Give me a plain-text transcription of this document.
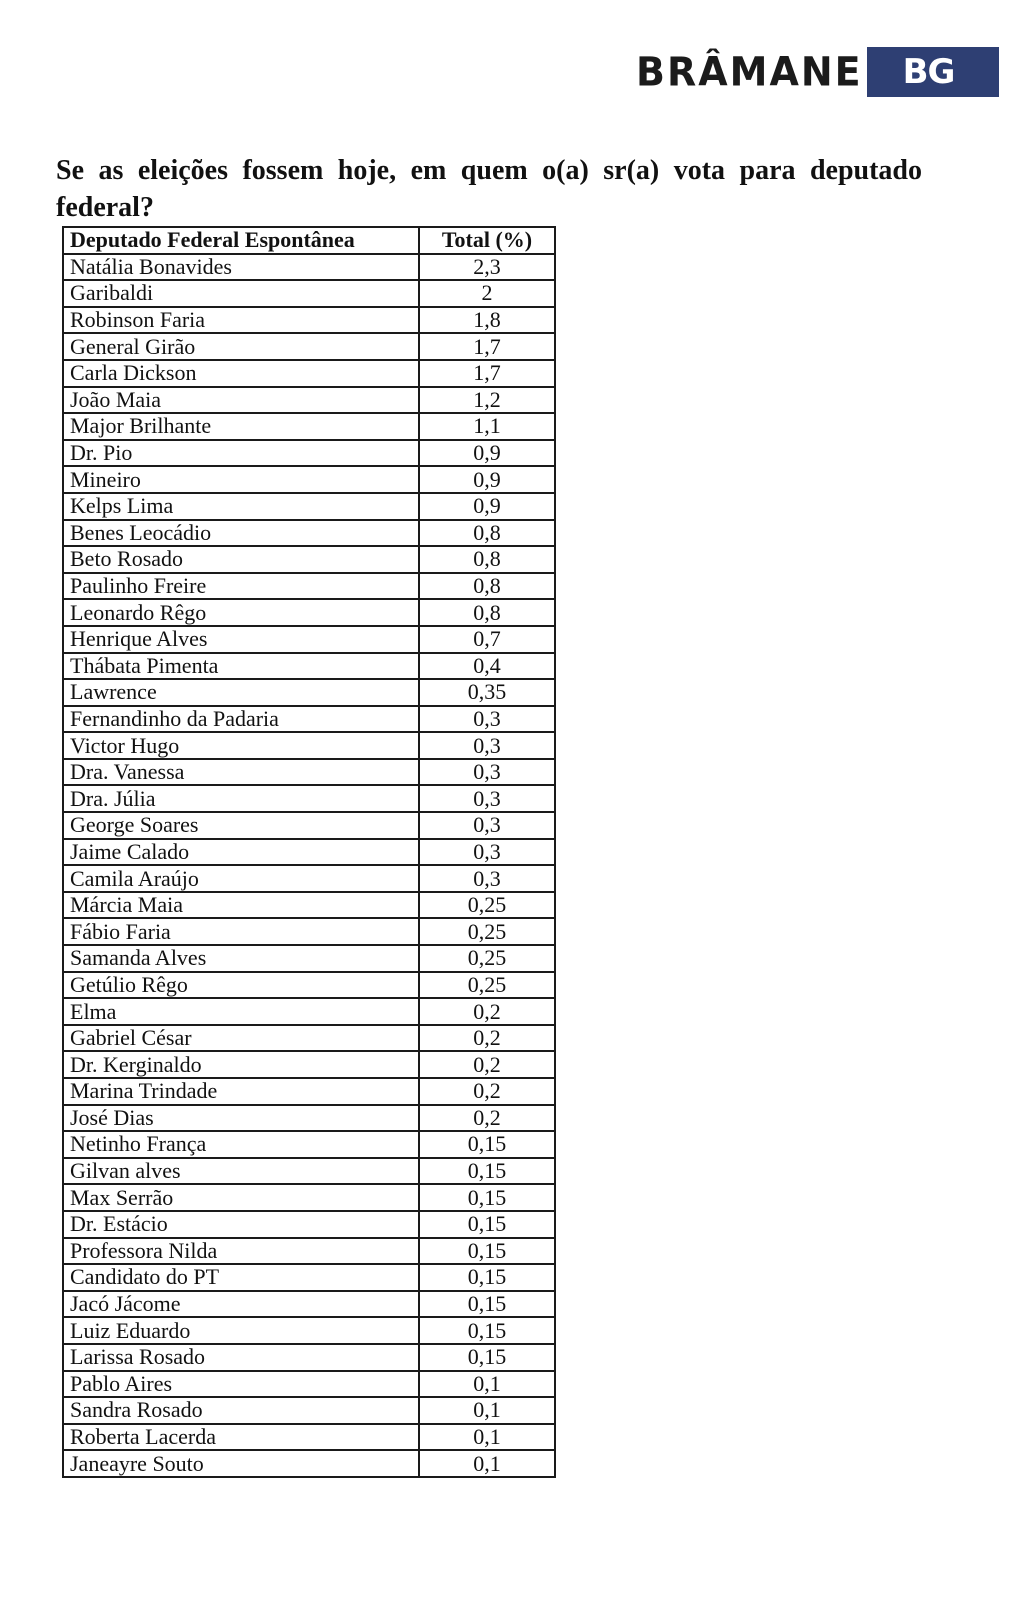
BRÂMANE BG
Se as eleições fossem hoje, em quem o(a) sr(a) vota para deputado federal?
Deputado Federal Espontânea	Total (%)
Natália Bonavides	2,3
Garibaldi	2
Robinson Faria	1,8
General Girão	1,7
Carla Dickson	1,7
João Maia	1,2
Major Brilhante	1,1
Dr. Pio	0,9
Mineiro	0,9
Kelps Lima	0,9
Benes Leocádio	0,8
Beto Rosado	0,8
Paulinho Freire	0,8
Leonardo Rêgo	0,8
Henrique Alves	0,7
Thábata Pimenta	0,4
Lawrence	0,35
Fernandinho da Padaria	0,3
Victor Hugo	0,3
Dra. Vanessa	0,3
Dra. Júlia	0,3
George Soares	0,3
Jaime Calado	0,3
Camila Araújo	0,3
Márcia Maia	0,25
Fábio Faria	0,25
Samanda Alves	0,25
Getúlio Rêgo	0,25
Elma	0,2
Gabriel César	0,2
Dr. Kerginaldo	0,2
Marina Trindade	0,2
José Dias	0,2
Netinho França	0,15
Gilvan alves	0,15
Max Serrão	0,15
Dr. Estácio	0,15
Professora Nilda	0,15
Candidato do PT	0,15
Jacó Jácome	0,15
Luiz Eduardo	0,15
Larissa Rosado	0,15
Pablo Aires	0,1
Sandra Rosado	0,1
Roberta Lacerda	0,1
Janeayre Souto	0,1
